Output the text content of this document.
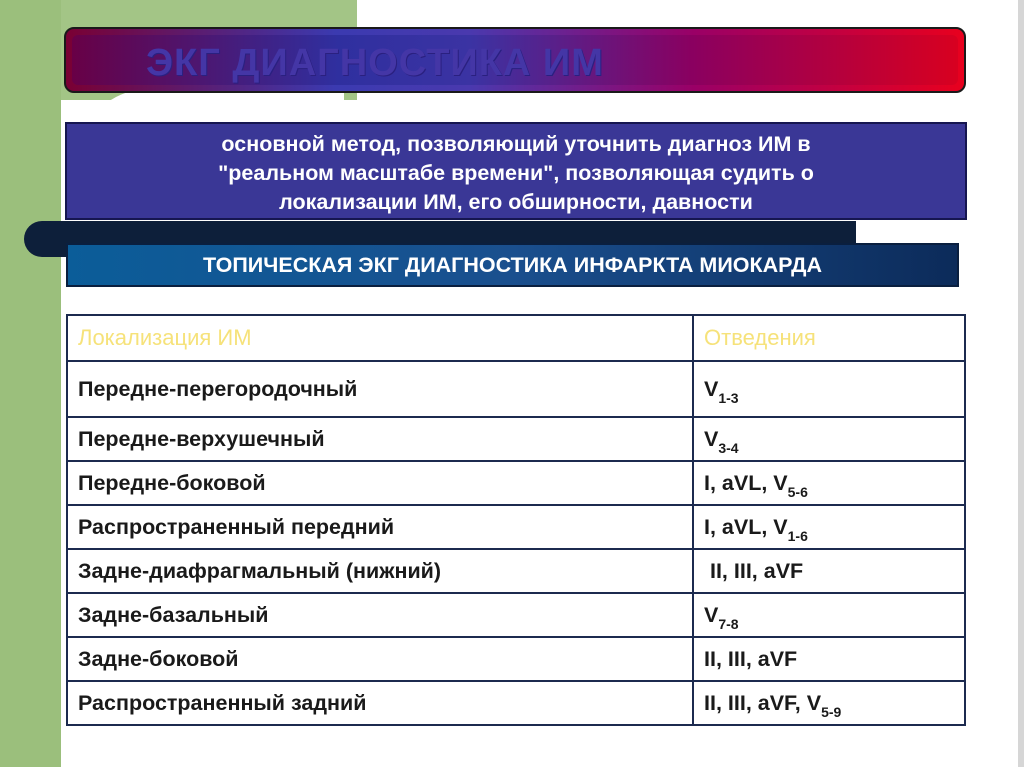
ЭКГ ДИАГНОСТИКА ИМ
основной метод, позволяющий уточнить диагноз ИМ в
"реальном масштабе времени", позволяющая судить о
локализации ИМ, его обширности, давности
ТОПИЧЕСКАЯ ЭКГ ДИАГНОСТИКА ИНФАРКТА МИОКАРДА
Локализация ИМ	Отведения
Передне-перегородочный	$V_{1-3}$
Передне-верхушечный	$V_{3-4}$
Передне-боковой	I, aVL, $V_{5-6}$
Распространенный передний	I, aVL, $V_{1-6}$
Задне-диафрагмальный (нижний)	II, III, aVF
Задне-базальный	$V_{7-8}$
Задне-боковой	II, III, aVF
Распространенный задний	II, III, aVF, $V_{5-9}$
